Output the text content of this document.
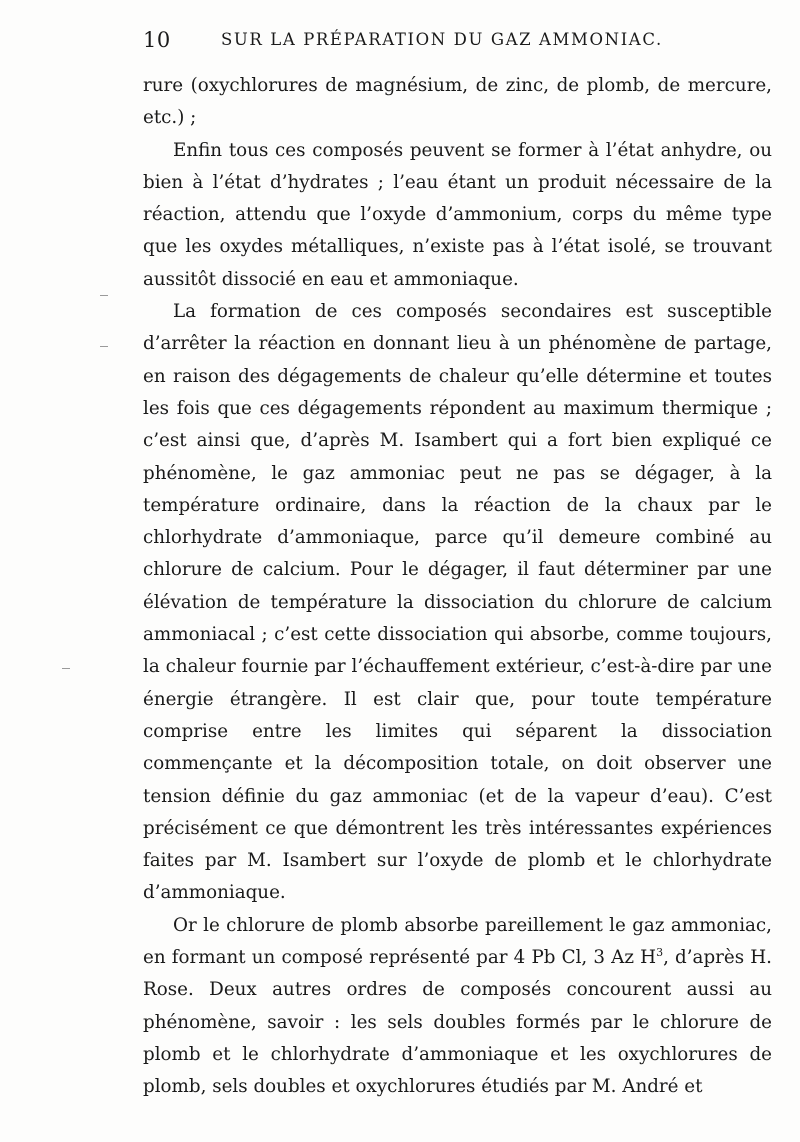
10	SUR LA PRÉPARATION DU GAZ AMMONIAC.

rure (oxychlorures de magnésium, de zinc, de plomb, de mercure, etc.) ;

Enfin tous ces composés peuvent se former à l’état anhydre, ou bien à l’état d’hydrates ; l’eau étant un produit nécessaire de la réaction, attendu que l’oxyde d’ammonium, corps du même type que les oxydes métalliques, n’existe pas à l’état isolé, se trouvant aussitôt dissocié en eau et ammoniaque.

La formation de ces composés secondaires est susceptible d’arrêter la réaction en donnant lieu à un phénomène de partage, en raison des dégagements de chaleur qu’elle détermine et toutes les fois que ces dégagements répondent au maximum thermique ; c’est ainsi que, d’après M. Isambert qui a fort bien expliqué ce phénomène, le gaz ammoniac peut ne pas se dégager, à la température ordinaire, dans la réaction de la chaux par le chlorhydrate d’ammoniaque, parce qu’il demeure combiné au chlorure de calcium. Pour le dégager, il faut déterminer par une élévation de température la dissociation du chlorure de calcium ammoniacal ; c’est cette dissociation qui absorbe, comme toujours, la chaleur fournie par l’échauffement extérieur, c’est-à-dire par une énergie étrangère. Il est clair que, pour toute température comprise entre les limites qui séparent la dissociation commençante et la décomposition totale, on doit observer une tension définie du gaz ammoniac (et de la vapeur d’eau). C’est précisément ce que démontrent les très intéressantes expériences faites par M. Isambert sur l’oxyde de plomb et le chlorhydrate d’ammoniaque.

Or le chlorure de plomb absorbe pareillement le gaz ammoniac, en formant un composé représenté par 4 Pb Cl, 3 Az $H^3$, d’après H. Rose. Deux autres ordres de composés concourent aussi au phénomène, savoir : les sels doubles formés par le chlorure de plomb et le chlorhydrate d’ammoniaque et les oxychlorures de plomb, sels doubles et oxychlorures étudiés par M. André et
